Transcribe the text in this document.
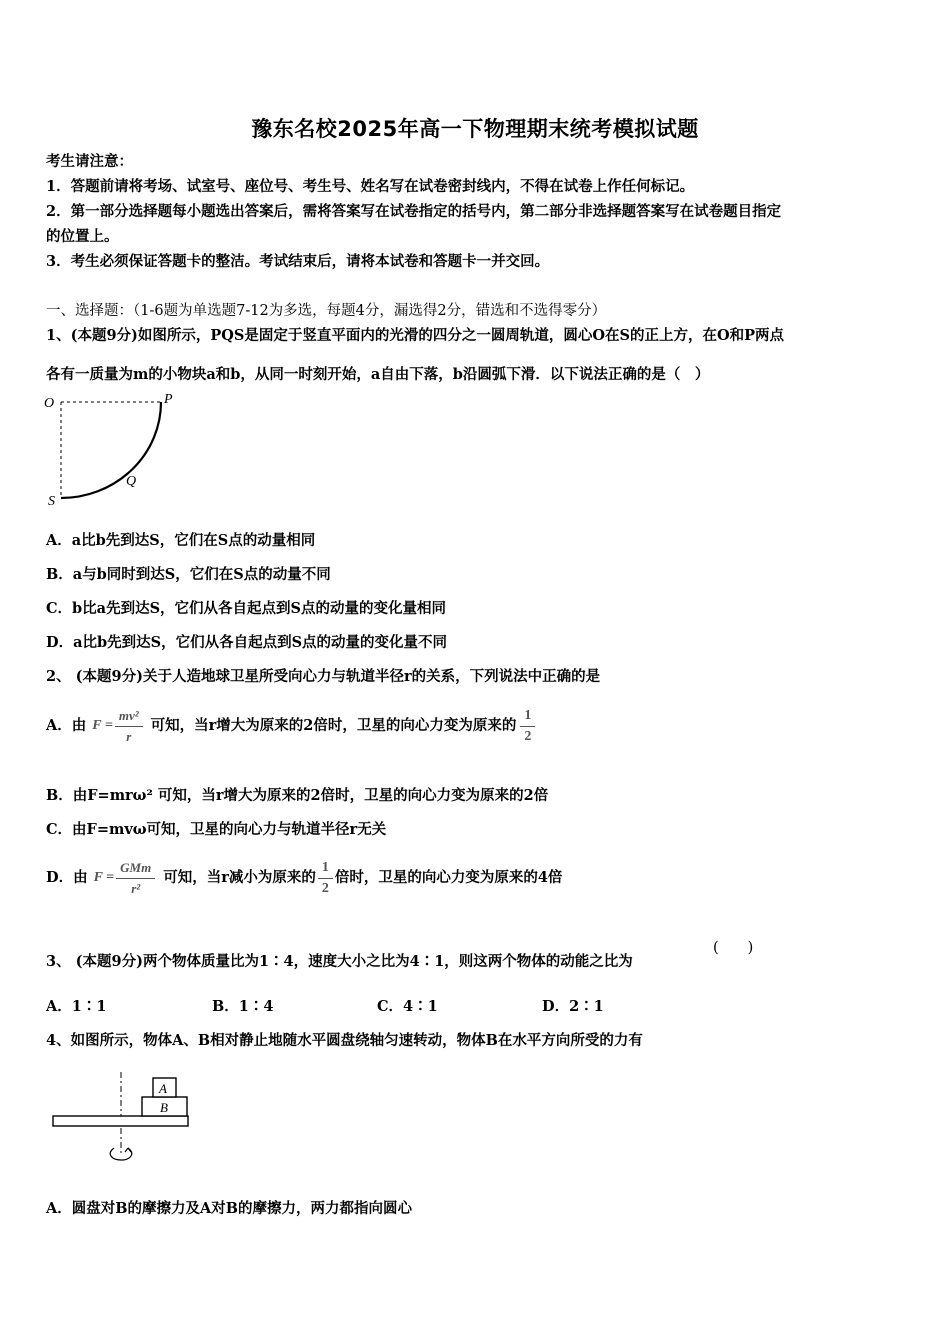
豫东名校2025年高一下物理期末统考模拟试题
考生请注意：
1．答题前请将考场、试室号、座位号、考生号、姓名写在试卷密封线内，不得在试卷上作任何标记。
2．第一部分选择题每小题选出答案后，需将答案写在试卷指定的括号内，第二部分非选择题答案写在试卷题目指定
的位置上。
3．考生必须保证答题卡的整洁。考试结束后，请将本试卷和答题卡一并交回。
一、选择题：（1-6题为单选题7-12为多选，每题4分，漏选得2分，错选和不选得零分）
1、(本题9分)如图所示，PQS是固定于竖直平面内的光滑的四分之一圆周轨道，圆心O在S的正上方，在O和P两点
各有一质量为m的小物块a和b，从同一时刻开始，a自由下落，b沿圆弧下滑．以下说法正确的是（　）
O	P
Q
S
A．a比b先到达S，它们在S点的动量相同
B．a与b同时到达S，它们在S点的动量不同
C．b比a先到达S，它们从各自起点到S点的动量的变化量相同
D．a比b先到达S，它们从各自起点到S点的动量的变化量不同
2、 (本题9分)关于人造地球卫星所受向心力与轨道半径r的关系，下列说法中正确的是
A．由 $F = \frac{\text{mv²}}{r}$ 可知，当r增大为原来的2倍时，卫星的向心力变为原来的 $\frac{1}{2}$
B．由F=mrω² 可知，当r增大为原来的2倍时，卫星的向心力变为原来的2倍
C．由F=mvω可知，卫星的向心力与轨道半径r无关
D．由 $F = \frac{\text{GMm}}{\text{r²}}$ 可知，当r减小为原来的 $\frac{1}{2}$ 倍时，卫星的向心力变为原来的4倍
3、 (本题9分)两个物体质量比为1∶4，速度大小之比为4∶1，则这两个物体的动能之比为
(　　)
A．1∶1	B．1∶4	C．4∶1	D．2∶1
4、如图所示，物体A、B相对静止地随水平圆盘绕轴匀速转动，物体B在水平方向所受的力有
A
B
A．圆盘对B的摩擦力及A对B的摩擦力，两力都指向圆心
